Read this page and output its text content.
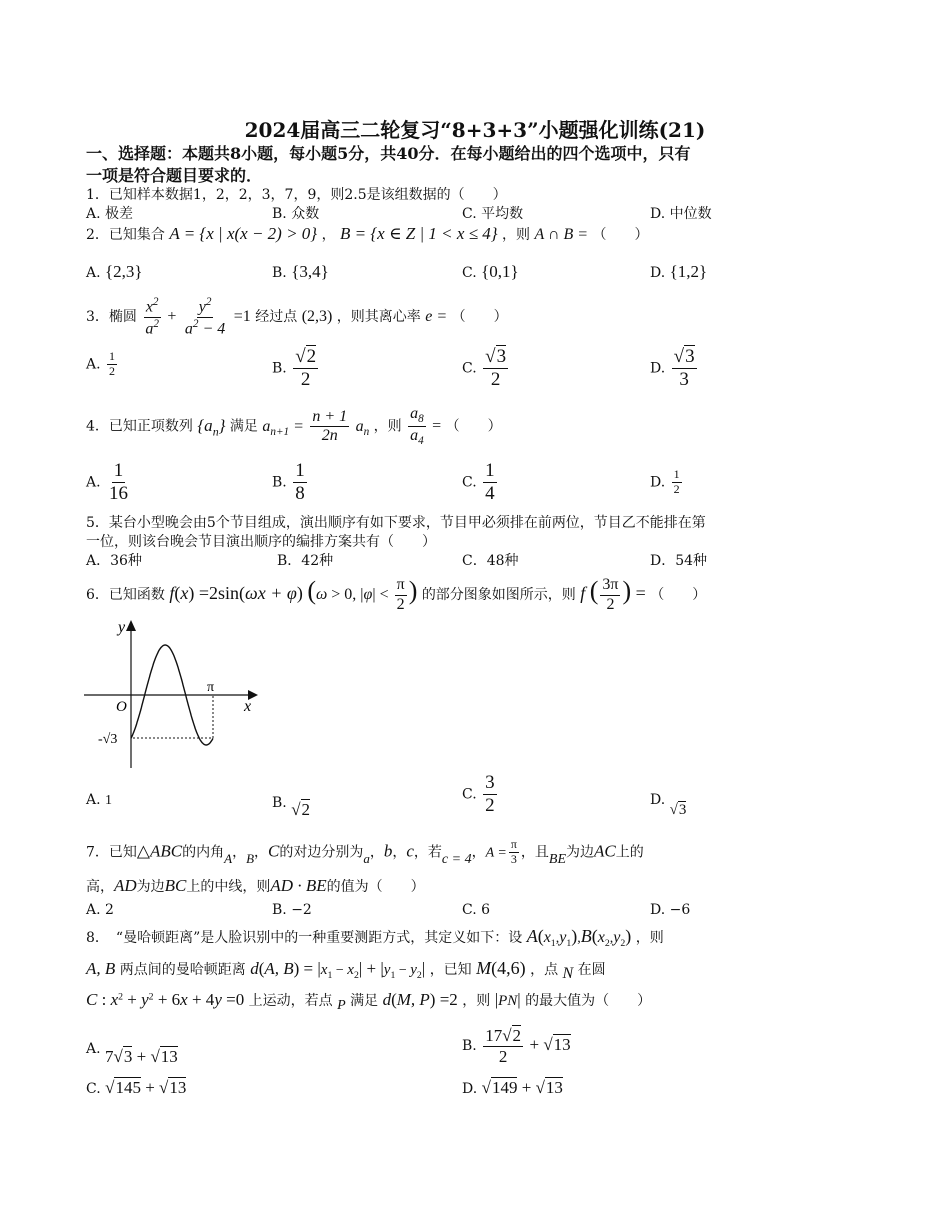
2024届高三二轮复习“8+3+3”小题强化训练(21)
一、选择题：本题共8小题，每小题5分，共40分．在每小题给出的四个选项中，只有
一项是符合题目要求的．
1．已知样本数据1，2，2，3，7，9，则2.5是该组数据的（　　）
A. 极差	B. 众数	C. 平均数	D. 中位数
2．已知集合 A = {x | x(x − 2) > 0} ， B = {x ∈ Z | 1 < x ≤ 4} ，则 A ∩ B = （　　）
A. {2,3}	B. {3,4}	C. {0,1}	D. {1,2}
3．椭圆 $\frac{x^2}{a^2} + \frac{y^2}{a^2 - 4} =1$ 经过点 (2,3) ，则其离心率 e = （　　）
A. $\frac{1}{2}$	B. $\frac{√2}{2}$	C. $\frac{√3}{2}$	D. $\frac{√3}{3}$
4．已知正项数列 $\{a_n\}$ 满足 $a_{n+1} = \frac{n + 1}{2n} a_n$ ，则 $\frac{a_8}{a_4}$ = （　　）
A. $\frac{1}{16}$	B. $\frac{1}{8}$	C. $\frac{1}{4}$	D. $\frac{1}{2}$
5．某台小型晚会由5个节目组成，演出顺序有如下要求，节目甲必须排在前两位，节目乙不能排在第
一位，则该台晚会节目演出顺序的编排方案共有（　　）
A．36种	B．42种	C．48种	D．54种
6．已知函数 f(x) =2sin(ωx + φ) (ω > 0, $|\varphi| < \frac{\pi}{2}$ ) 的部分图象如图所示，则 f ( $\frac{3\pi}{2}$ ) = （　　）
y
x
O
π
-√3
A. 1	B. √2
C. $\frac{3}{2}$	D. √3
7．已知△ABC的内角A，B，C的对边分别为a，b，c，若c = 4，$A = \frac{\pi}{3}$ ，且BE为边AC上的
高，AD为边BC上的中线，则AD · BE的值为（　　）
A. 2	B. −2	C. 6	D. −6
8．　“曼哈顿距离”是人脸识别中的一种重要测距方式，其定义如下：设 $A(x_1,y_1),B(x_2,y_2)$ ，则
A, B 两点间的曼哈顿距离 d(A, $B) = |x_1 - x_2| + |y_1 - y_2|$ ，已知 M(4,6) ，点 N 在圆
C : $x^2 + y^2 + 6x + 4y =0$ 上运动，若点 P 满足 d(M, P) =2 ，则 |PN| 的最大值为（　　）
A. 7√3 + √13
B. $\frac{17√2}{2} + √13$
C. √145 + √13	D. √149 + √13
